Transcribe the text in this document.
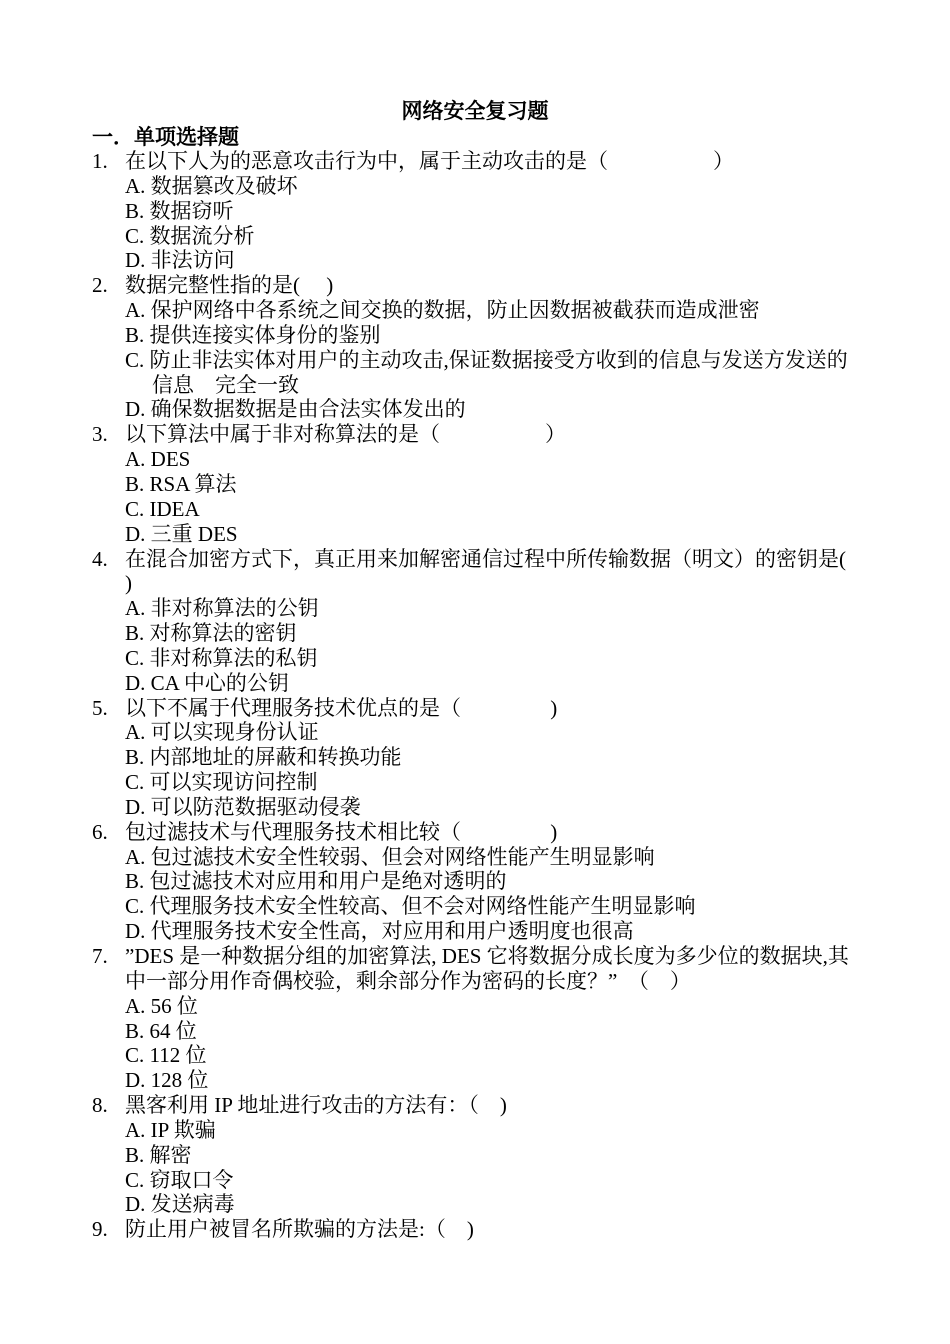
网络安全复习题
一．单项选择题
1. 在以下人为的恶意攻击行为中，属于主动攻击的是（　　　　　）
A. 数据篡改及破坏
B. 数据窃听
C. 数据流分析
D. 非法访问
2. 数据完整性指的是(　 )
A. 保护网络中各系统之间交换的数据，防止因数据被截获而造成泄密
B. 提供连接实体身份的鉴别
C. 防止非法实体对用户的主动攻击,保证数据接受方收到的信息与发送方发送的信息　完全一致
D. 确保数据数据是由合法实体发出的
3. 以下算法中属于非对称算法的是（　　　　　）
A. DES
B. RSA 算法
C. IDEA
D. 三重 DES
4. 在混合加密方式下，真正用来加解密通信过程中所传输数据（明文）的密钥是(　 )
A. 非对称算法的公钥
B. 对称算法的密钥
C. 非对称算法的私钥
D. CA 中心的公钥
5. 以下不属于代理服务技术优点的是（　　　　 )
A. 可以实现身份认证
B. 内部地址的屏蔽和转换功能
C. 可以实现访问控制
D. 可以防范数据驱动侵袭
6. 包过滤技术与代理服务技术相比较（　　　　 )
A. 包过滤技术安全性较弱、但会对网络性能产生明显影响
B. 包过滤技术对应用和用户是绝对透明的
C. 代理服务技术安全性较高、但不会对网络性能产生明显影响
D. 代理服务技术安全性高，对应用和用户透明度也很高
7. ”DES 是一种数据分组的加密算法, DES 它将数据分成长度为多少位的数据块,其中一部分用作奇偶校验，剩余部分作为密码的长度？”　（　）
A. 56 位
B. 64 位
C. 112 位
D. 128 位
8. 黑客利用 IP 地址进行攻击的方法有：（　)
A. IP 欺骗
B. 解密
C. 窃取口令
D. 发送病毒
9. 防止用户被冒名所欺骗的方法是:（　)
